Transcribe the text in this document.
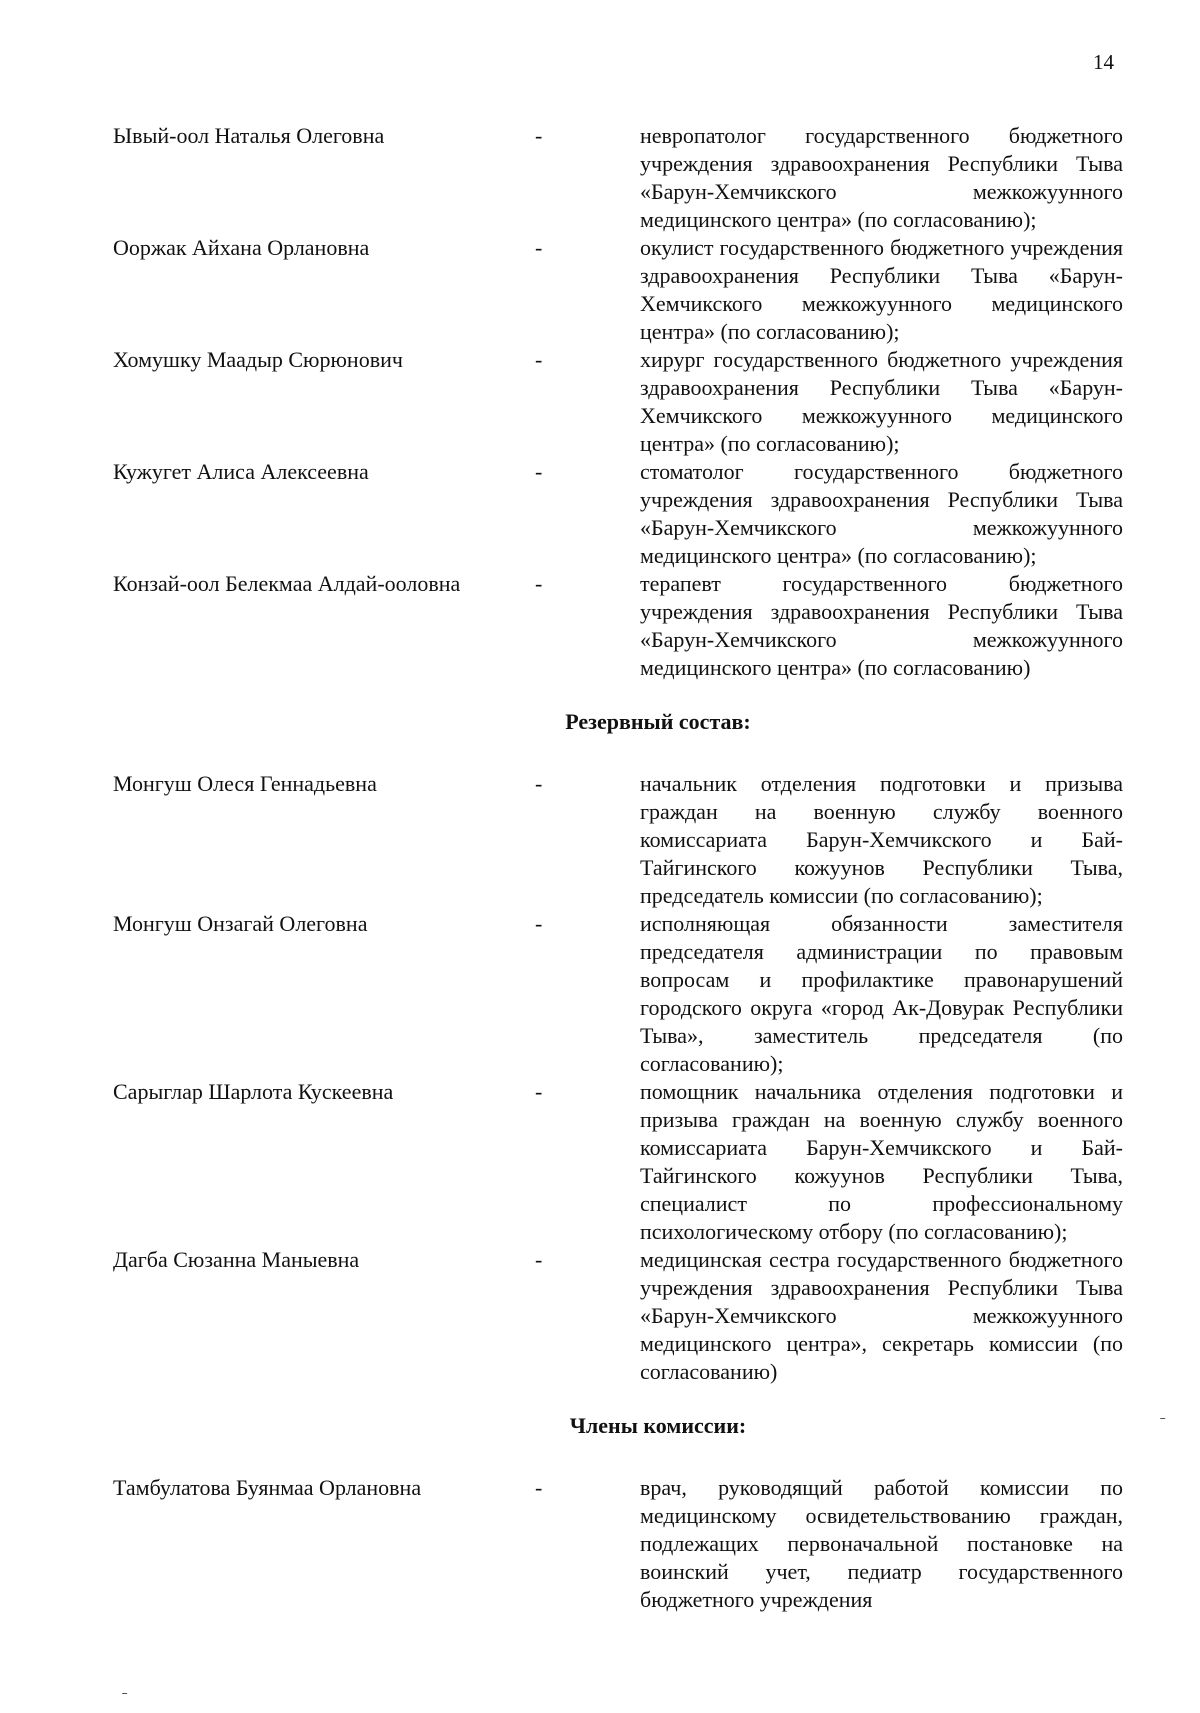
14
Ывый-оол Наталья Олеговна	-	невропатолог государственного бюджетного учреждения здравоохранения Республики Тыва «Барун-Хемчикского межкожуунного медицинского центра» (по согласованию);
Ооржак Айхана Орлановна	-	окулист государственного бюджетного учреждения здравоохранения Республики Тыва «Барун-Хемчикского межкожуунного медицинского центра» (по согласованию);
Хомушку Маадыр Сюрюнович	-	хирург государственного бюджетного учреждения здравоохранения Республики Тыва «Барун-Хемчикского межкожуунного медицинского центра» (по согласованию);
Кужугет Алиса Алексеевна	-	стоматолог государственного бюджетного учреждения здравоохранения Республики Тыва «Барун-Хемчикского межкожуунного медицинского центра» (по согласованию);
Конзай-оол Белекмаа Алдай-ооловна	-	терапевт государственного бюджетного учреждения здравоохранения Республики Тыва «Барун-Хемчикского межкожуунного медицинского центра» (по согласованию)
Резервный состав:
Монгуш Олеся Геннадьевна	-	начальник отделения подготовки и призыва граждан на военную службу военного комиссариата Барун-Хемчикского и Бай-Тайгинского кожуунов Республики Тыва, председатель комиссии (по согласованию);
Монгуш Онзагай Олеговна	-	исполняющая обязанности заместителя председателя администрации по правовым вопросам и профилактике правонарушений городского округа «город Ак-Довурак Республики Тыва», заместитель председателя (по согласованию);
Сарыглар Шарлота Кускеевна	-	помощник начальника отделения подготовки и призыва граждан на военную службу военного комиссариата Барун-Хемчикского и Бай-Тайгинского кожуунов Республики Тыва, специалист по профессиональному психологическому отбору (по согласованию);
Дагба Сюзанна Маныевна	-	медицинская сестра государственного бюджетного учреждения здравоохранения Республики Тыва «Барун-Хемчикского межкожуунного медицинского центра», секретарь комиссии (по согласованию)
Члены комиссии:
Тамбулатова Буянмаа Орлановна	-	врач, руководящий работой комиссии по медицинскому освидетельствованию граждан, подлежащих первоначальной постановке на воинский учет, педиатр государственного бюджетного учреждения
ˉ
ˉ
